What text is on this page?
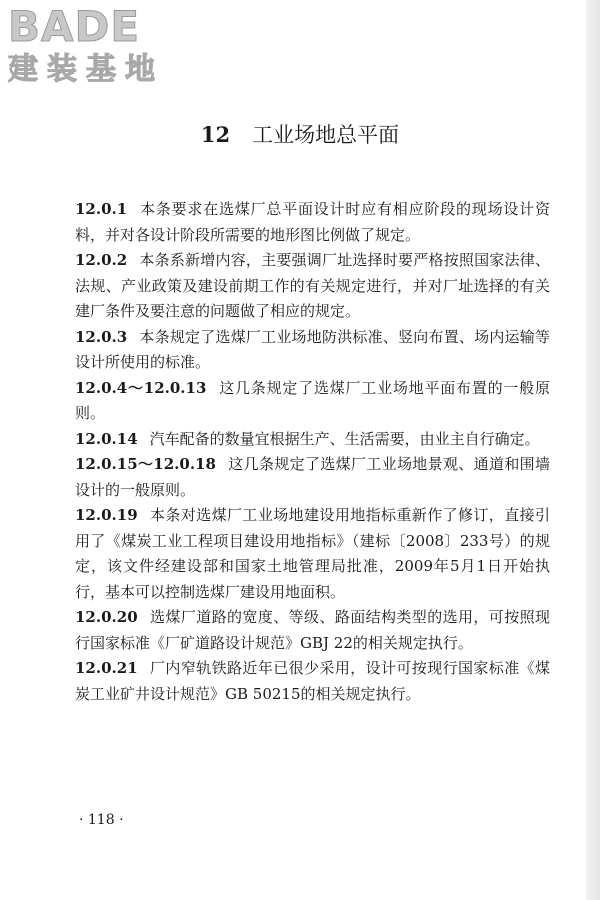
BADE
建装基地
12 工业场地总平面

12.0.1 本条要求在选煤厂总平面设计时应有相应阶段的现场设计资料，并对各设计阶段所需要的地形图比例做了规定。

12.0.2 本条系新增内容，主要强调厂址选择时要严格按照国家法律、法规、产业政策及建设前期工作的有关规定进行，并对厂址选择的有关建厂条件及要注意的问题做了相应的规定。

12.0.3 本条规定了选煤厂工业场地防洪标准、竖向布置、场内运输等设计所使用的标准。

12.0.4～12.0.13 这几条规定了选煤厂工业场地平面布置的一般原则。

12.0.14 汽车配备的数量宜根据生产、生活需要，由业主自行确定。

12.0.15～12.0.18 这几条规定了选煤厂工业场地景观、通道和围墙设计的一般原则。

12.0.19 本条对选煤厂工业场地建设用地指标重新作了修订，直接引用了《煤炭工业工程项目建设用地指标》（建标〔2008〕233号）的规定，该文件经建设部和国家土地管理局批准，2009年5月1日开始执行，基本可以控制选煤厂建设用地面积。

12.0.20 选煤厂道路的宽度、等级、路面结构类型的选用，可按照现行国家标准《厂矿道路设计规范》GBJ 22的相关规定执行。

12.0.21 厂内窄轨铁路近年已很少采用，设计可按现行国家标准《煤炭工业矿井设计规范》GB 50215的相关规定执行。

· 118 ·
